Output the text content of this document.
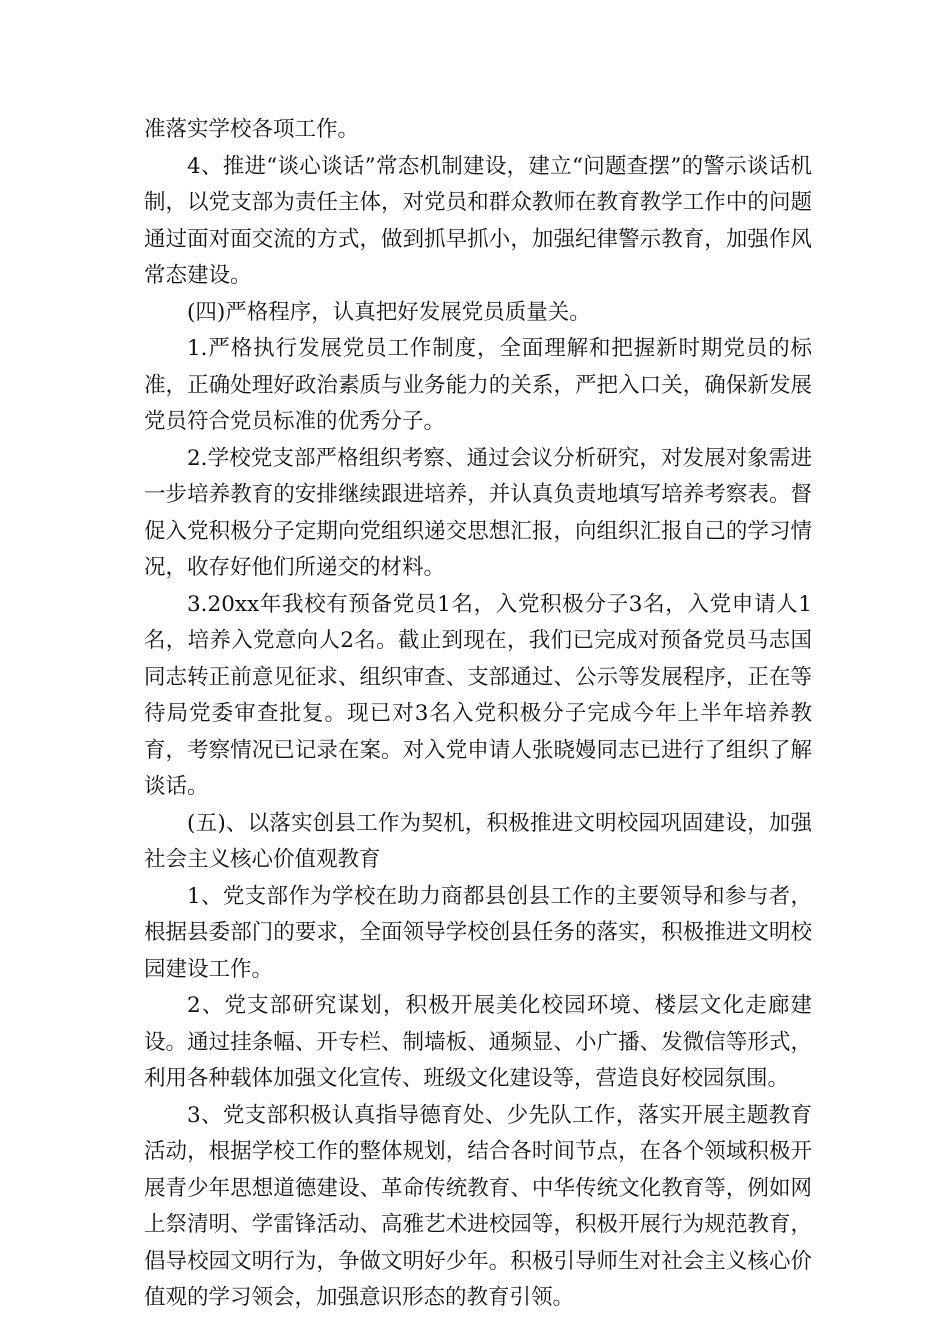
准落实学校各项工作。

4、推进“谈心谈话”常态机制建设，建立“问题查摆”的警示谈话机制，以党支部为责任主体，对党员和群众教师在教育教学工作中的问题通过面对面交流的方式，做到抓早抓小，加强纪律警示教育，加强作风常态建设。

(四)严格程序，认真把好发展党员质量关。

1.严格执行发展党员工作制度，全面理解和把握新时期党员的标准，正确处理好政治素质与业务能力的关系，严把入口关，确保新发展党员符合党员标准的优秀分子。

2.学校党支部严格组织考察、通过会议分析研究，对发展对象需进一步培养教育的安排继续跟进培养，并认真负责地填写培养考察表。督促入党积极分子定期向党组织递交思想汇报，向组织汇报自己的学习情况，收存好他们所递交的材料。

3.20xx年我校有预备党员1名，入党积极分子3名，入党申请人1名，培养入党意向人2名。截止到现在，我们已完成对预备党员马志国同志转正前意见征求、组织审查、支部通过、公示等发展程序，正在等待局党委审查批复。现已对3名入党积极分子完成今年上半年培养教育，考察情况已记录在案。对入党申请人张晓嫚同志已进行了组织了解谈话。

(五)、以落实创县工作为契机，积极推进文明校园巩固建设，加强社会主义核心价值观教育

1、党支部作为学校在助力商都县创县工作的主要领导和参与者，根据县委部门的要求，全面领导学校创县任务的落实，积极推进文明校园建设工作。

2、党支部研究谋划，积极开展美化校园环境、楼层文化走廊建设。通过挂条幅、开专栏、制墙板、通频显、小广播、发微信等形式，利用各种载体加强文化宣传、班级文化建设等，营造良好校园氛围。

3、党支部积极认真指导德育处、少先队工作，落实开展主题教育活动，根据学校工作的整体规划，结合各时间节点，在各个领域积极开展青少年思想道德建设、革命传统教育、中华传统文化教育等，例如网上祭清明、学雷锋活动、高雅艺术进校园等，积极开展行为规范教育，倡导校园文明行为，争做文明好少年。积极引导师生对社会主义核心价值观的学习领会，加强意识形态的教育引领。
